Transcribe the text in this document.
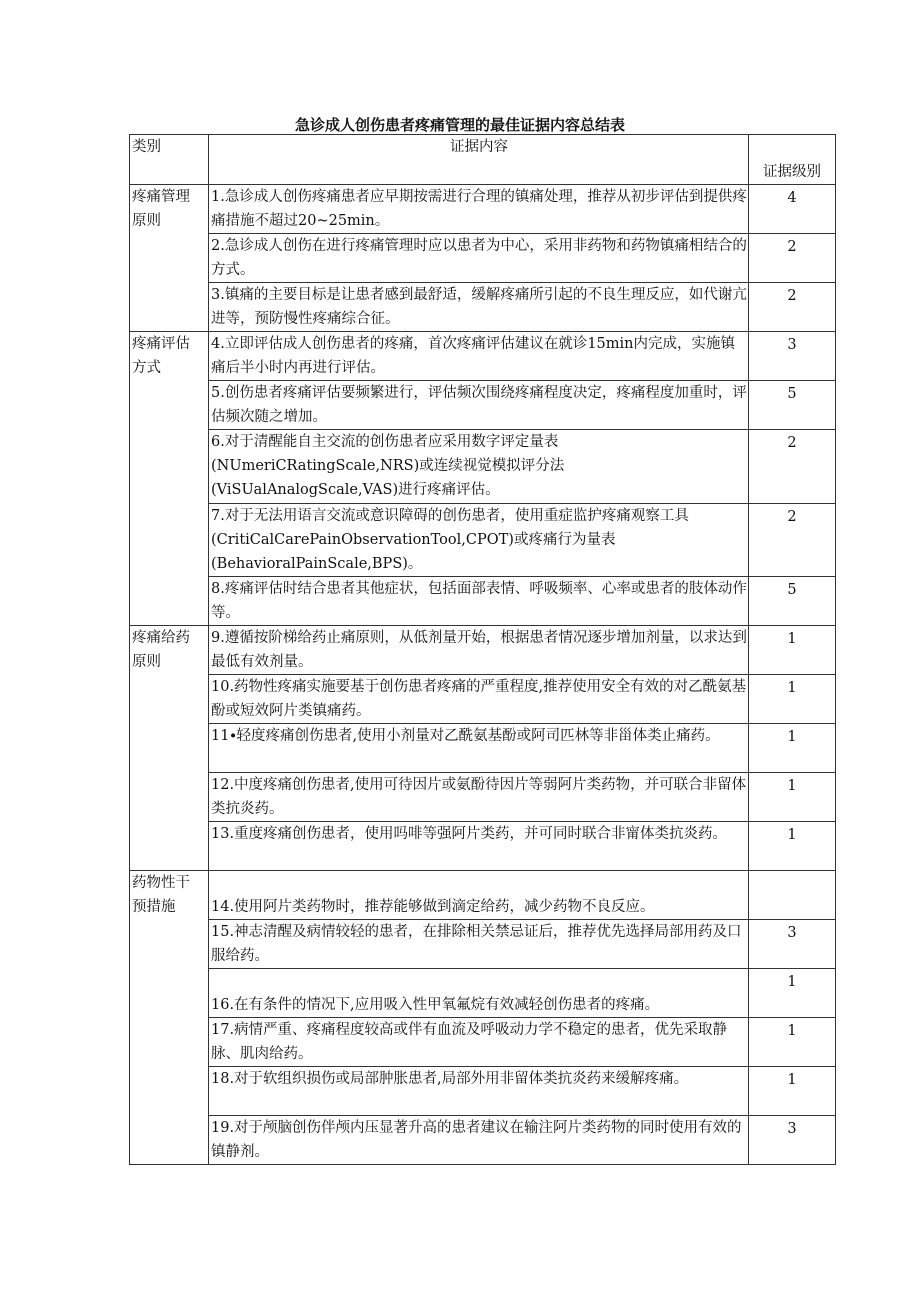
急诊成人创伤患者疼痛管理的最佳证据内容总结表
类别	证据内容	证据级别

疼痛管理原则	1.急诊成人创伤疼痛患者应早期按需进行合理的镇痛处理，推荐从初步评估到提供疼痛措施不超过20~25min。	4
	2.急诊成人创伤在进行疼痛管理时应以患者为中心，采用非药物和药物镇痛相结合的方式。	2
	3.镇痛的主要目标是让患者感到最舒适，缓解疼痛所引起的不良生理反应，如代谢亢进等，预防慢性疼痛综合征。	2

疼痛评估方式	4.立即评估成人创伤患者的疼痛，首次疼痛评估建议在就诊15min内完成，实施镇痛后半小时内再进行评估。	3
	5.创伤患者疼痛评估要频繁进行，评估频次围绕疼痛程度决定，疼痛程度加重时，评估频次随之增加。	5
	6.对于清醒能自主交流的创伤患者应采用数字评定量表(NUmeriCRatingScale,NRS)或连续视觉模拟评分法(ViSUalAnalogScale,VAS)进行疼痛评估。	2
	7.对于无法用语言交流或意识障碍的创伤患者，使用重症监护疼痛观察工具(CritiCalCarePainObservationTool,CPOT)或疼痛行为量表(BehavioralPainScale,BPS)。	2
	8.疼痛评估时结合患者其他症状，包括面部表情、呼吸频率、心率或患者的肢体动作等。	5

疼痛给药原则	9.遵循按阶梯给药止痛原则，从低剂量开始，根据患者情况逐步增加剂量，以求达到最低有效剂量。	1
	10.药物性疼痛实施要基于创伤患者疼痛的严重程度,推荐使用安全有效的对乙酰氨基酚或短效阿片类镇痛药。	1
	11∙轻度疼痛创伤患者,使用小剂量对乙酰氨基酚或阿司匹林等非甾体类止痛药。	1
	12.中度疼痛创伤患者,使用可待因片或氨酚待因片等弱阿片类药物，并可联合非留体类抗炎药。	1
	13.重度疼痛创伤患者，使用吗啡等强阿片类药，并可同时联合非甯体类抗炎药。	1

药物性干预措施	14.使用阿片类药物时，推荐能够做到滴定给药，减少药物不良反应。	
	15.神志清醒及病情较轻的患者，在排除相关禁忌证后，推荐优先选择局部用药及口服给药。	3
	16.在有条件的情况下,应用吸入性甲氧氟烷有效减轻创伤患者的疼痛。	1
	17.病情严重、疼痛程度较高或伴有血流及呼吸动力学不稳定的患者，优先采取静脉、肌肉给药。	1
	18.对于软组织损伤或局部肿胀患者,局部外用非留体类抗炎药来缓解疼痛。	1
	19.对于颅脑创伤伴颅内压显著升高的患者建议在输注阿片类药物的同时使用有效的镇静剂。	3
